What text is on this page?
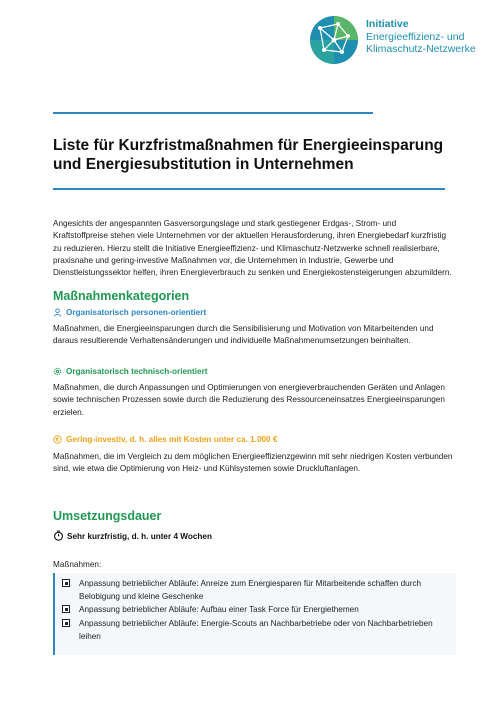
Initiative
Energieeffizienz- und
Klimaschutz-Netzwerke
Liste für Kurzfristmaßnahmen für Energieeinsparung
und Energiesubstitution in Unternehmen

Angesichts der angespannten Gasversorgungslage und stark gestiegener Erdgas-, Strom- und Kraftstoffpreise stehen viele Unternehmen vor der aktuellen Herausforderung, ihren Energiebedarf kurzfristig zu reduzieren. Hierzu stellt die Initiative Energieeffizienz- und Klimaschutz-Netzwerke schnell realisierbare, praxisnahe und gering-investive Maßnahmen vor, die Unternehmen in Industrie, Gewerbe und Dienstleistungssektor helfen, ihren Energieverbrauch zu senken und Energiekostensteigerungen abzumildern.

Maßnahmenkategorien
Organisatorisch personen-orientiert

Maßnahmen, die Energieeinsparungen durch die Sensibilisierung und Motivation von Mitarbeitenden und daraus resultierende Verhaltensänderungen und individuelle Maßnahmenumsetzungen beinhalten.

Organisatorisch technisch-orientiert

Maßnahmen, die durch Anpassungen und Optimierungen von energieverbrauchenden Geräten und Anlagen sowie technischen Prozessen sowie durch die Reduzierung des Ressourceneinsatzes Energieeinsparungen erzielen.

€ Gering-investiv, d. h. alles mit Kosten unter ca. 1.000 €

Maßnahmen, die im Vergleich zu dem möglichen Energieeffizienzgewinn mit sehr niedrigen Kosten verbunden sind, wie etwa die Optimierung von Heiz- und Kühlsystemen sowie Druckluftanlagen.

Umsetzungsdauer
Sehr kurzfristig, d. h. unter 4 Wochen
Maßnahmen:
Anpassung betrieblicher Abläufe: Anreize zum Energiesparen für Mitarbeitende schaffen durch Belobigung und kleine Geschenke
Anpassung betrieblicher Abläufe: Aufbau einer Task Force für Energiethemen
Anpassung betrieblicher Abläufe: Energie-Scouts an Nachbarbetriebe oder von Nachbarbetrieben leihen
